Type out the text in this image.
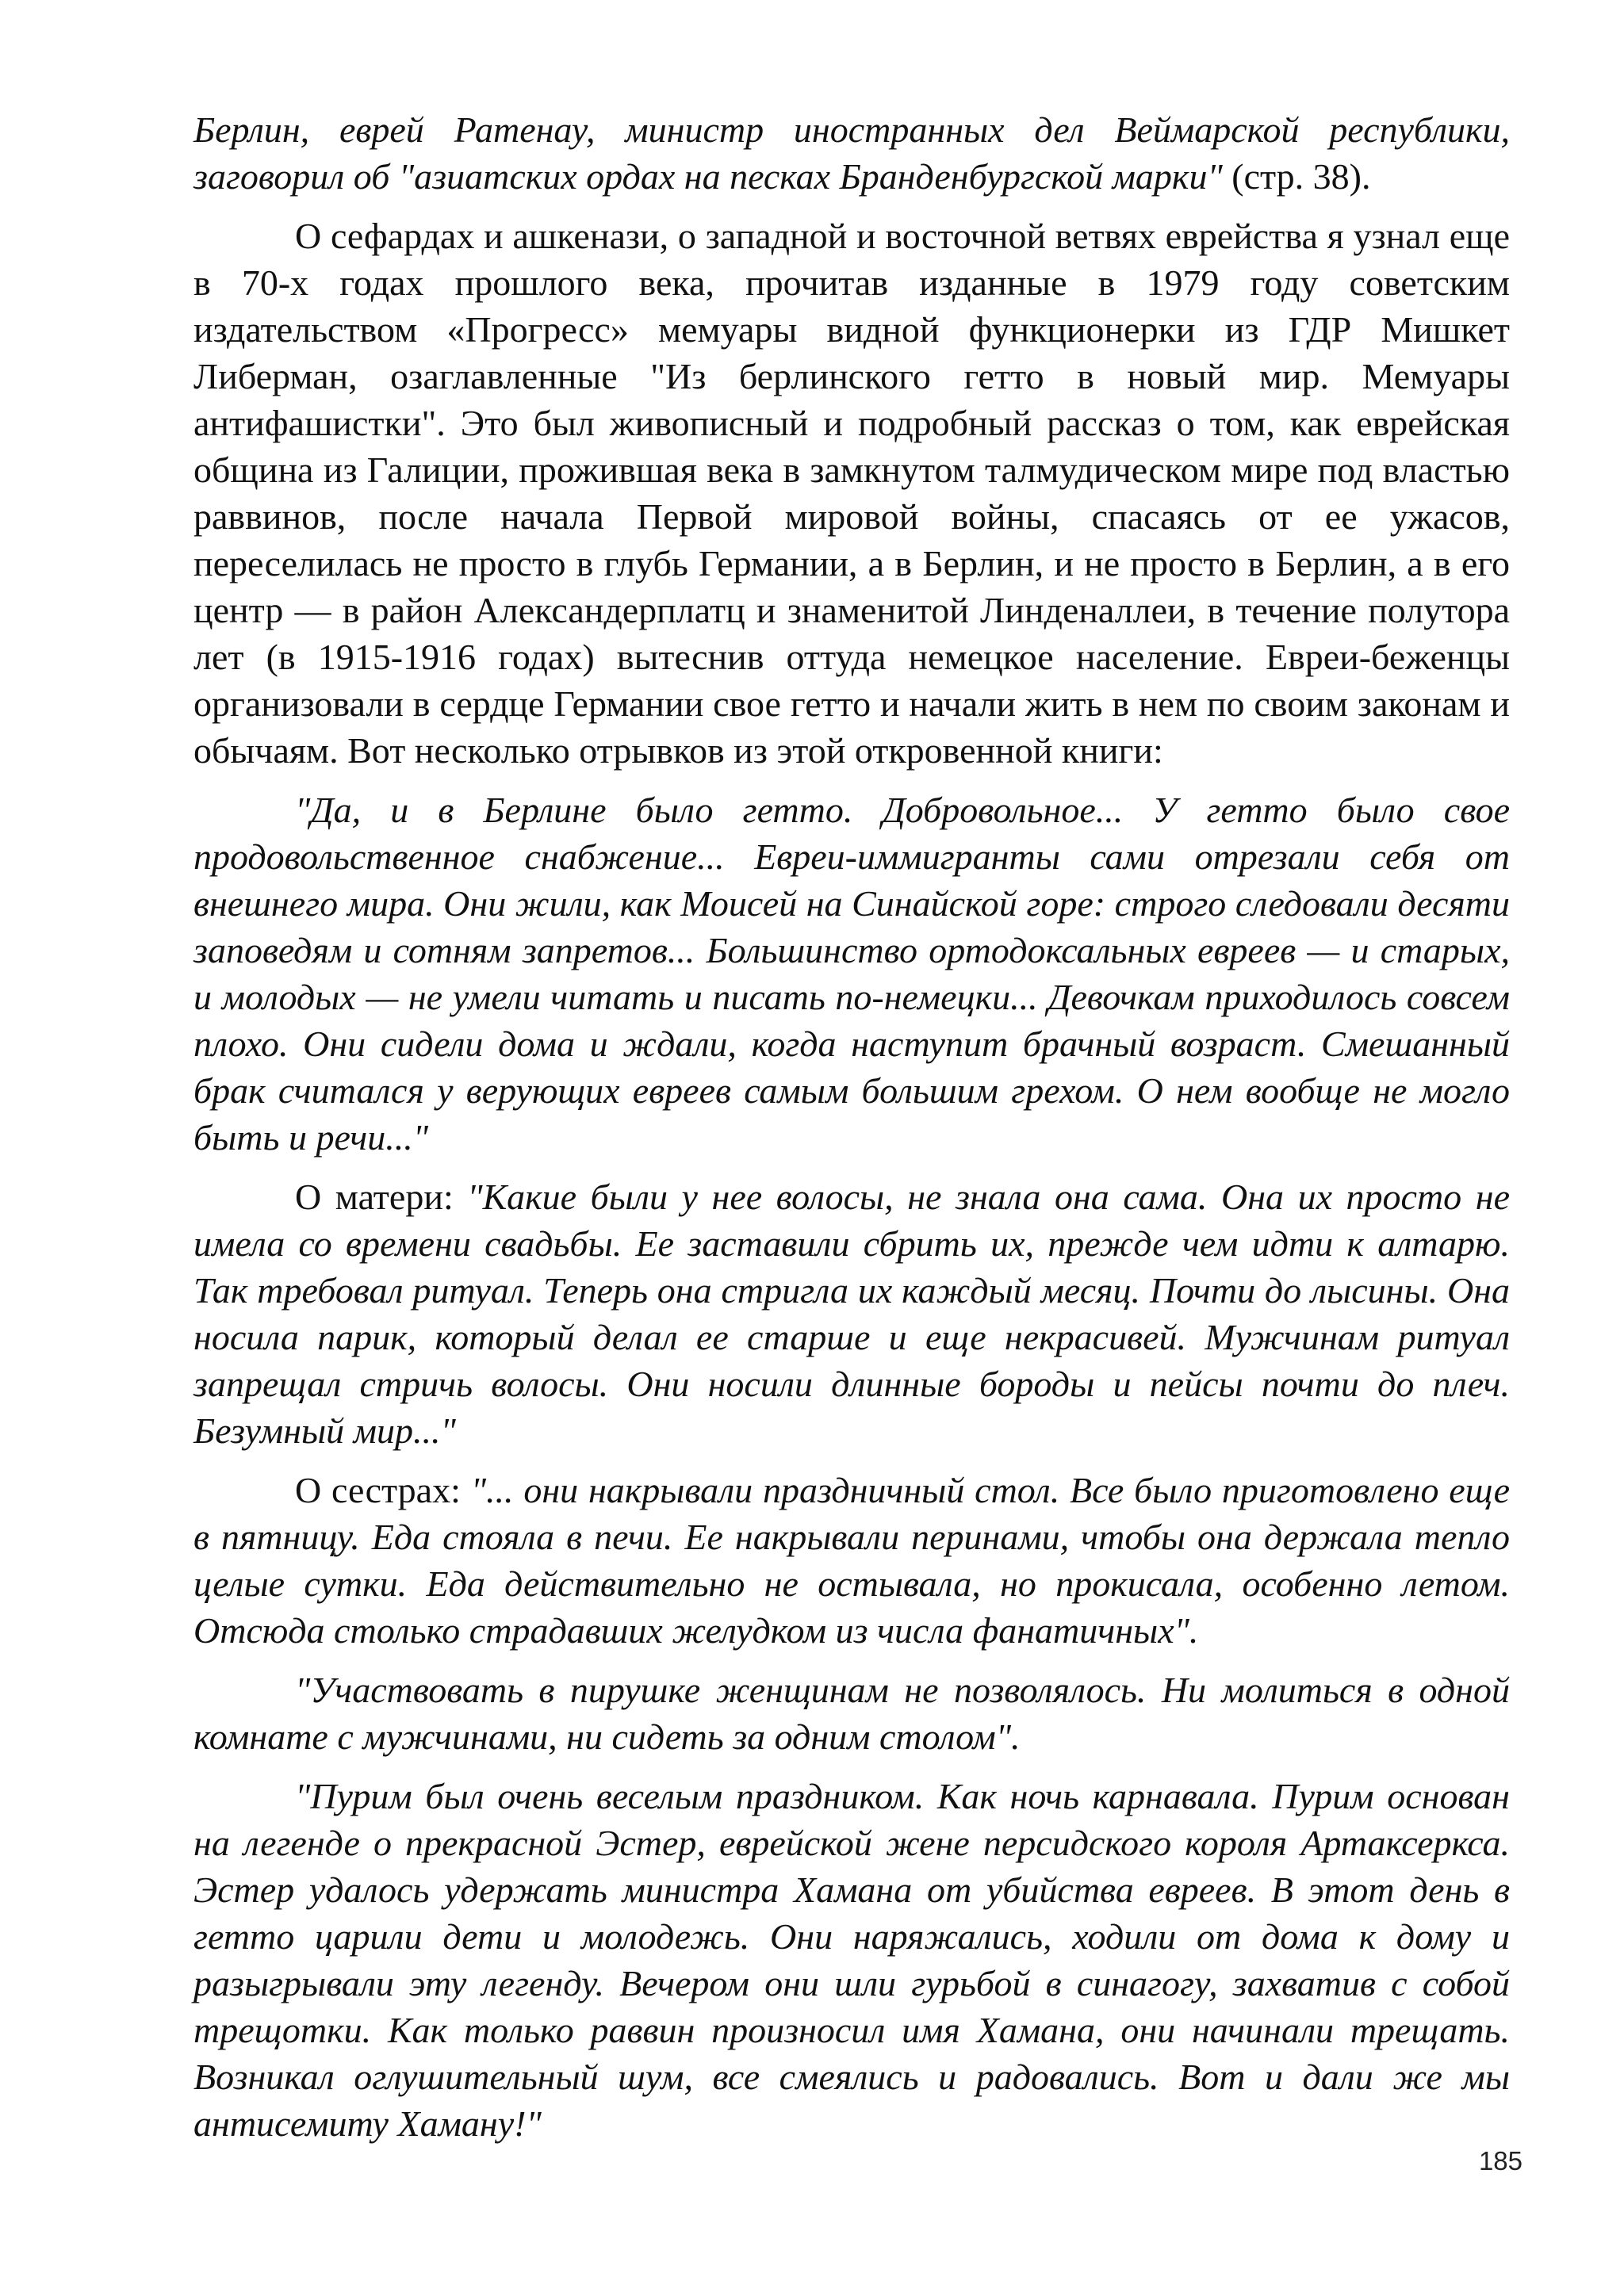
Берлин, еврей Ратенау, министр иностранных дел Веймарской республики, заговорил об "азиатских ордах на песках Бранденбургской марки" (стр. 38).

О сефардах и ашкенази, о западной и восточной ветвях еврейства я узнал еще в 70-х годах прошлого века, прочитав изданные в 1979 году советским издательством «Прогресс» мемуары видной функционерки из ГДР Мишкет Либерман, озаглавленные "Из берлинского гетто в новый мир. Мемуары антифашистки". Это был живописный и подробный рассказ о том, как еврейская община из Галиции, прожившая века в замкнутом талмудическом мире под властью раввинов, после начала Первой мировой войны, спасаясь от ее ужасов, переселилась не просто в глубь Германии, а в Берлин, и не просто в Берлин, а в его центр — в район Александерплатц и знаменитой Линденаллеи, в течение полутора лет (в 1915-1916 годах) вытеснив оттуда немецкое население. Евреи-беженцы организовали в сердце Германии свое гетто и начали жить в нем по своим законам и обычаям. Вот несколько отрывков из этой откровенной книги:

"Да, и в Берлине было гетто. Добровольное... У гетто было свое продовольственное снабжение... Евреи-иммигранты сами отрезали себя от внешнего мира. Они жили, как Моисей на Синайской горе: строго следовали десяти заповедям и сотням запретов... Большинство ортодоксальных евреев — и старых, и молодых — не умели читать и писать по-немецки... Девочкам приходилось совсем плохо. Они сидели дома и ждали, когда наступит брачный возраст. Смешанный брак считался у верующих евреев самым большим грехом. О нем вообще не могло быть и речи..."

О матери: "Какие были у нее волосы, не знала она сама. Она их просто не имела со времени свадьбы. Ее заставили сбрить их, прежде чем идти к алтарю. Так требовал ритуал. Теперь она стригла их каждый месяц. Почти до лысины. Она носила парик, который делал ее старше и еще некрасивей. Мужчинам ритуал запрещал стричь волосы. Они носили длинные бороды и пейсы почти до плеч. Безумный мир..."

О сестрах: "... они накрывали праздничный стол. Все было приготовлено еще в пятницу. Еда стояла в печи. Ее накрывали перинами, чтобы она держала тепло целые сутки. Еда действительно не остывала, но прокисала, особенно летом. Отсюда столько страдавших желудком из числа фанатичных".

"Участвовать в пирушке женщинам не позволялось. Ни молиться в одной комнате с мужчинами, ни сидеть за одним столом".

"Пурим был очень веселым праздником. Как ночь карнавала. Пурим основан на легенде о прекрасной Эстер, еврейской жене персидского короля Артаксеркса. Эстер удалось удержать министра Хамана от убийства евреев. В этот день в гетто царили дети и молодежь. Они наряжались, ходили от дома к дому и разыгрывали эту легенду. Вечером они шли гурьбой в синагогу, захватив с собой трещотки. Как только раввин произносил имя Хамана, они начинали трещать. Возникал оглушительный шум, все смеялись и радовались. Вот и дали же мы антисемиту Хаману!"

185
